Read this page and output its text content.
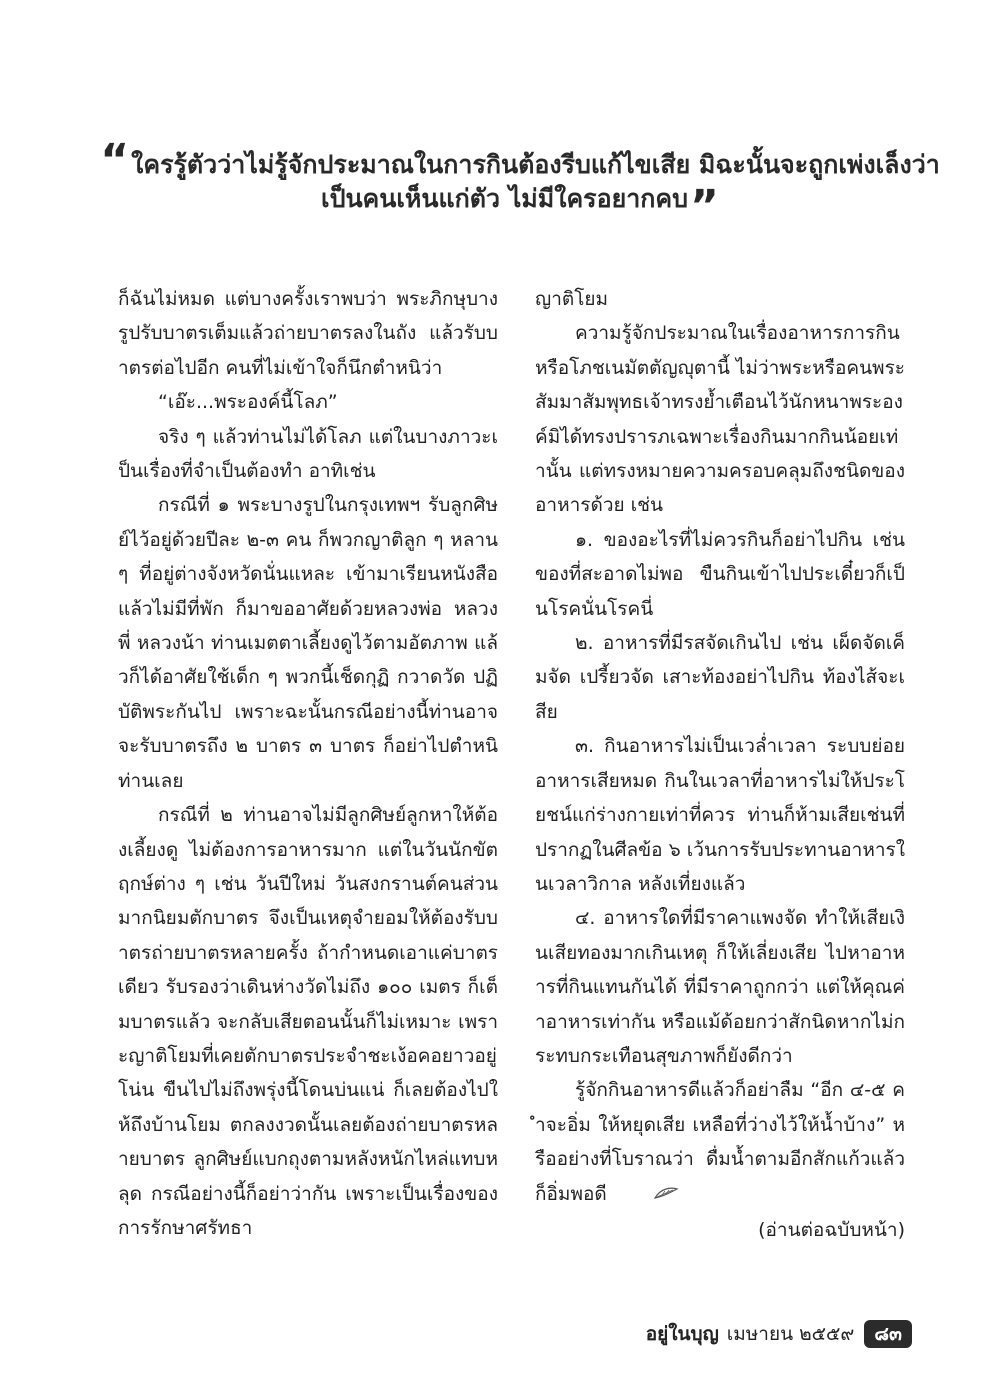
“ใครรู้ตัวว่าไม่รู้จักประมาณในการกินต้องรีบแก้ไขเสีย มิฉะนั้นจะถูกเพ่งเล็งว่า
เป็นคนเห็นแก่ตัว ไม่มีใครอยากคบ”

ก็ฉันไม่หมด แต่บางครั้งเราพบว่า พระภิกษุบางรูปรับบาตรเต็มแล้วถ่ายบาตรลงในถัง แล้วรับบาตรต่อไปอีก คนที่ไม่เข้าใจก็นึกตำหนิว่า

“เอ๊ะ...พระองค์นี้โลภ”

จริง ๆ แล้วท่านไม่ได้โลภ แต่ในบางภาวะเป็นเรื่องที่จำเป็นต้องทำ อาทิเช่น

กรณีที่ ๑ พระบางรูปในกรุงเทพฯ รับลูกศิษย์ไว้อยู่ด้วยปีละ ๒-๓ คน ก็พวกญาติลูก ๆ หลาน ๆ ที่อยู่ต่างจังหวัดนั่นแหละ เข้ามาเรียนหนังสือแล้วไม่มีที่พัก ก็มาขออาศัยด้วยหลวงพ่อ หลวงพี่ หลวงน้า ท่านเมตตาเลี้ยงดูไว้ตามอัตภาพ แล้วก็ได้อาศัยใช้เด็ก ๆ พวกนี้เช็ดกุฏิ กวาดวัด ปฏิบัติพระกันไป เพราะฉะนั้นกรณีอย่างนี้ท่านอาจจะรับบาตรถึง ๒ บาตร ๓ บาตร ก็อย่าไปตำหนิท่านเลย

กรณีที่ ๒ ท่านอาจไม่มีลูกศิษย์ลูกหาให้ต้องเลี้ยงดู ไม่ต้องการอาหารมาก แต่ในวันนักขัตฤกษ์ต่าง ๆ เช่น วันปีใหม่ วันสงกรานต์คนส่วนมากนิยมตักบาตร จึงเป็นเหตุจำยอมให้ต้องรับบาตรถ่ายบาตรหลายครั้ง ถ้ากำหนดเอาแค่บาตรเดียว รับรองว่าเดินห่างวัดไม่ถึง ๑๐๐ เมตร ก็เต็มบาตรแล้ว จะกลับเสียตอนนั้นก็ไม่เหมาะ เพราะญาติโยมที่เคยตักบาตรประจำชะเง้อคอยาวอยู่โน่น ขืนไปไม่ถึงพรุ่งนี้โดนบ่นแน่ ก็เลยต้องไปให้ถึงบ้านโยม ตกลงงวดนั้นเลยต้องถ่ายบาตรหลายบาตร ลูกศิษย์แบกถุงตามหลังหนักไหล่แทบหลุด กรณีอย่างนี้ก็อย่าว่ากัน เพราะเป็นเรื่องของการรักษาศรัทธา

ญาติโยม

ความรู้จักประมาณในเรื่องอาหารการกินหรือโภชเนมัตตัญญุตานี้ ไม่ว่าพระหรือคนพระสัมมาสัมพุทธเจ้าทรงย้ำเตือนไว้นักหนาพระองค์มิได้ทรงปรารภเฉพาะเรื่องกินมากกินน้อยเท่านั้น แต่ทรงหมายความครอบคลุมถึงชนิดของอาหารด้วย เช่น

๑. ของอะไรที่ไม่ควรกินก็อย่าไปกิน เช่นของที่สะอาดไม่พอ ขืนกินเข้าไปประเดี๋ยวก็เป็นโรคนั่นโรคนี่

๒. อาหารที่มีรสจัดเกินไป เช่น เผ็ดจัดเค็มจัด เปรี้ยวจัด เสาะท้องอย่าไปกิน ท้องไส้จะเสีย

๓. กินอาหารไม่เป็นเวล่ำเวลา ระบบย่อยอาหารเสียหมด กินในเวลาที่อาหารไม่ให้ประโยชน์แก่ร่างกายเท่าที่ควร ท่านก็ห้ามเสียเช่นที่ปรากฏในศีลข้อ ๖ เว้นการรับประทานอาหารในเวลาวิกาล หลังเที่ยงแล้ว

๔. อาหารใดที่มีราคาแพงจัด ทำให้เสียเงินเสียทองมากเกินเหตุ ก็ให้เลี่ยงเสีย ไปหาอาหารที่กินแทนกันได้ ที่มีราคาถูกกว่า แต่ให้คุณค่าอาหารเท่ากัน หรือแม้ด้อยกว่าสักนิดหากไม่กระทบกระเทือนสุขภาพก็ยังดีกว่า

รู้จักกินอาหารดีแล้วก็อย่าลืม “อีก ๔-๕ คำจะอิ่ม ให้หยุดเสีย เหลือที่ว่างไว้ให้น้ำบ้าง” หรืออย่างที่โบราณว่า ดื่มน้ำตามอีกสักแก้วแล้วก็อิ่มพอดี

(อ่านต่อฉบับหน้า)

อยู่ในบุญ เมษายน ๒๕๕๙	๘๓
